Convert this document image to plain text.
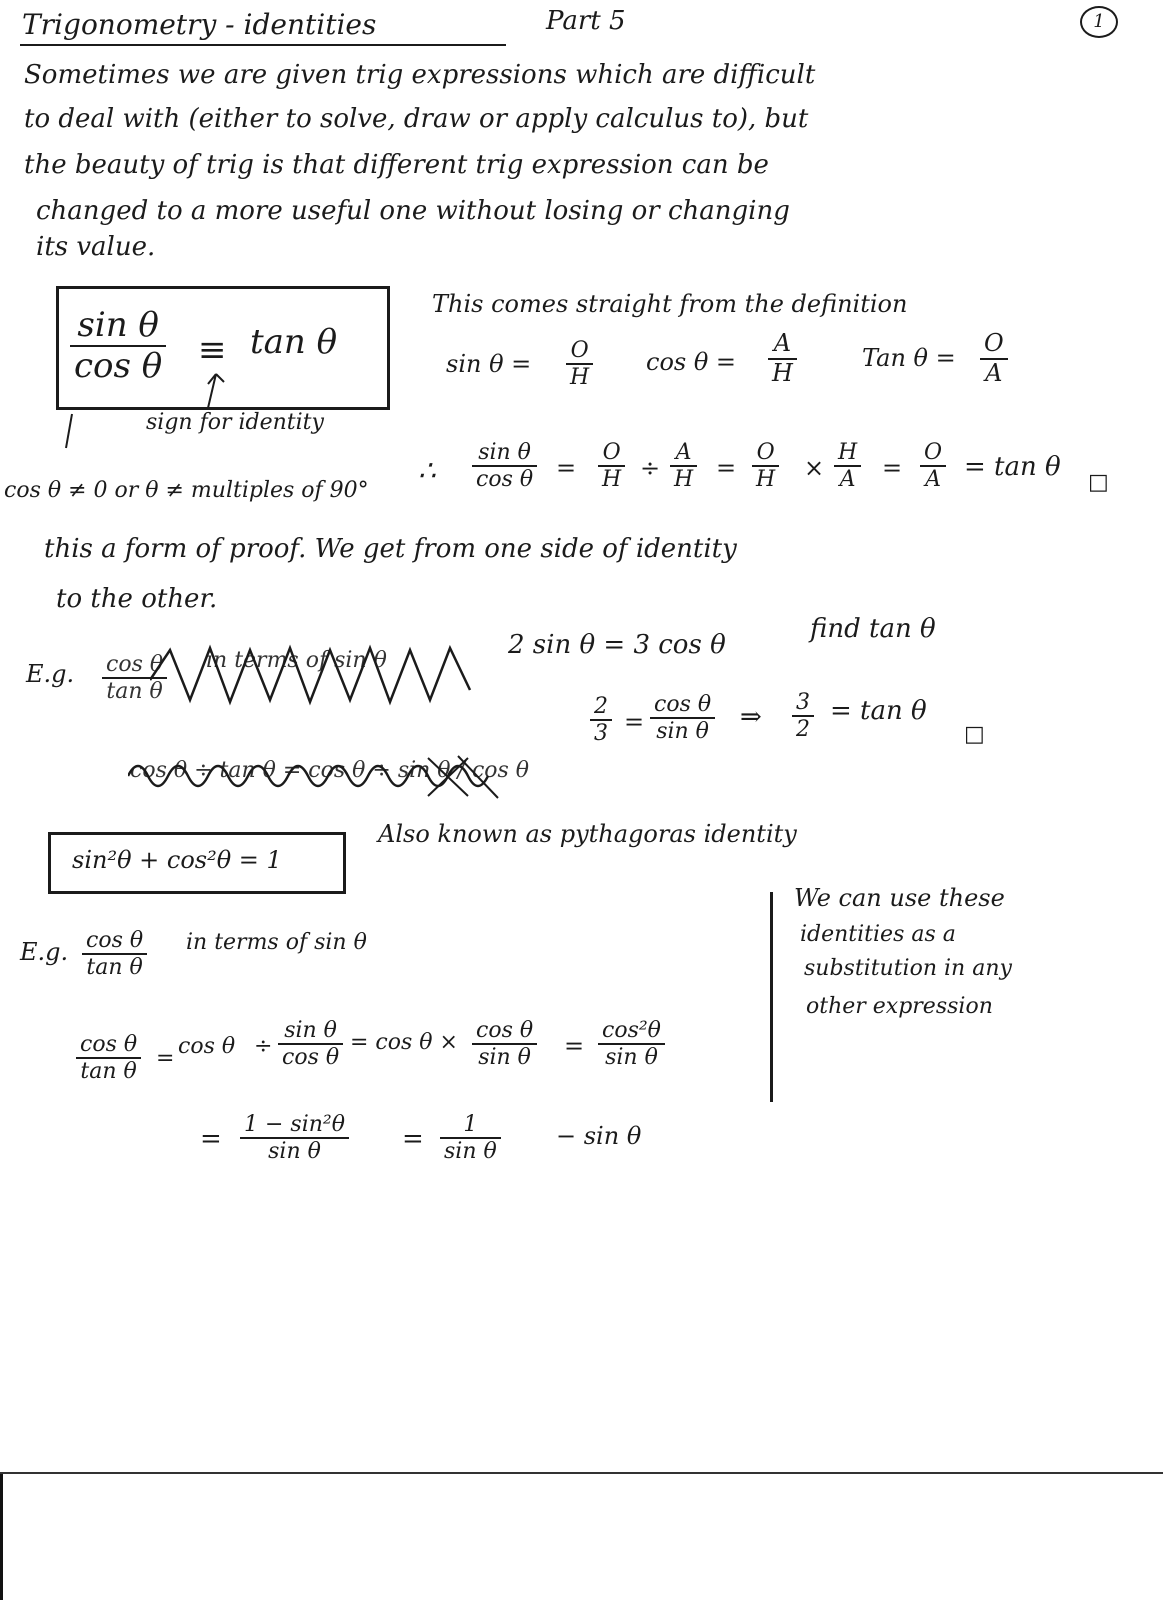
Trigonometry - identities	Part 5	1
Sometimes we are given trig expressions which are difficult
to deal with (either to solve, draw or apply calculus to), but
the beauty of trig is that different trig expression can be
changed to a more useful one without losing or changing
its value.
$\frac{\text{sin θ}}{\text{cos θ}} \equiv \tan \theta$
sign for identity
This comes straight from the definition
$\sin \theta = \frac{O}{H}$ $\cos \theta = \frac{A}{H}$	Tan $\theta = \frac{O}{A}$
cos θ ≠ 0 or θ ≠ multiples of 90°
∴ $\frac{\text{sin θ}}{\text{cos θ}} = \frac{O}{H} \div \frac{A}{H} = \frac{O}{H} \times \frac{H}{A} = \frac{O}{A} = \tan \theta$
□
this a form of proof. We get from one side of identity
to the other.
E.g. $\frac{\text{cos θ}}{\text{tan θ}}$ in terms of sin θ
cos θ ÷ tan θ = cos θ ÷ sin θ / cos θ
2 sin θ = 3 cos θ
find tan θ
$\frac{2}{3} = \frac{\text{cos θ}}{\text{sin θ}}$ ⇒ $\frac{3}{2} = \tan \theta$
□
sin²θ + cos²θ = 1
Also known as pythagoras identity
We can use these
identities as a
substitution in any
other expression
E.g. $\frac{\text{cos θ}}{\text{tan θ}}$ in terms of sin θ
$\frac{\text{cos θ}}{\text{tan θ}} = \cos \theta \div \frac{\text{sin θ}}{\text{cos θ}} = \cos \theta \times \frac{\text{cos θ}}{\text{sin θ}} = \frac{\text{cos²θ}}{\text{sin θ}}$
= $\frac{\text{1 − sin²θ}}{\text{sin θ}} = \frac{1}{\text{sin θ}} - \sin \theta$
